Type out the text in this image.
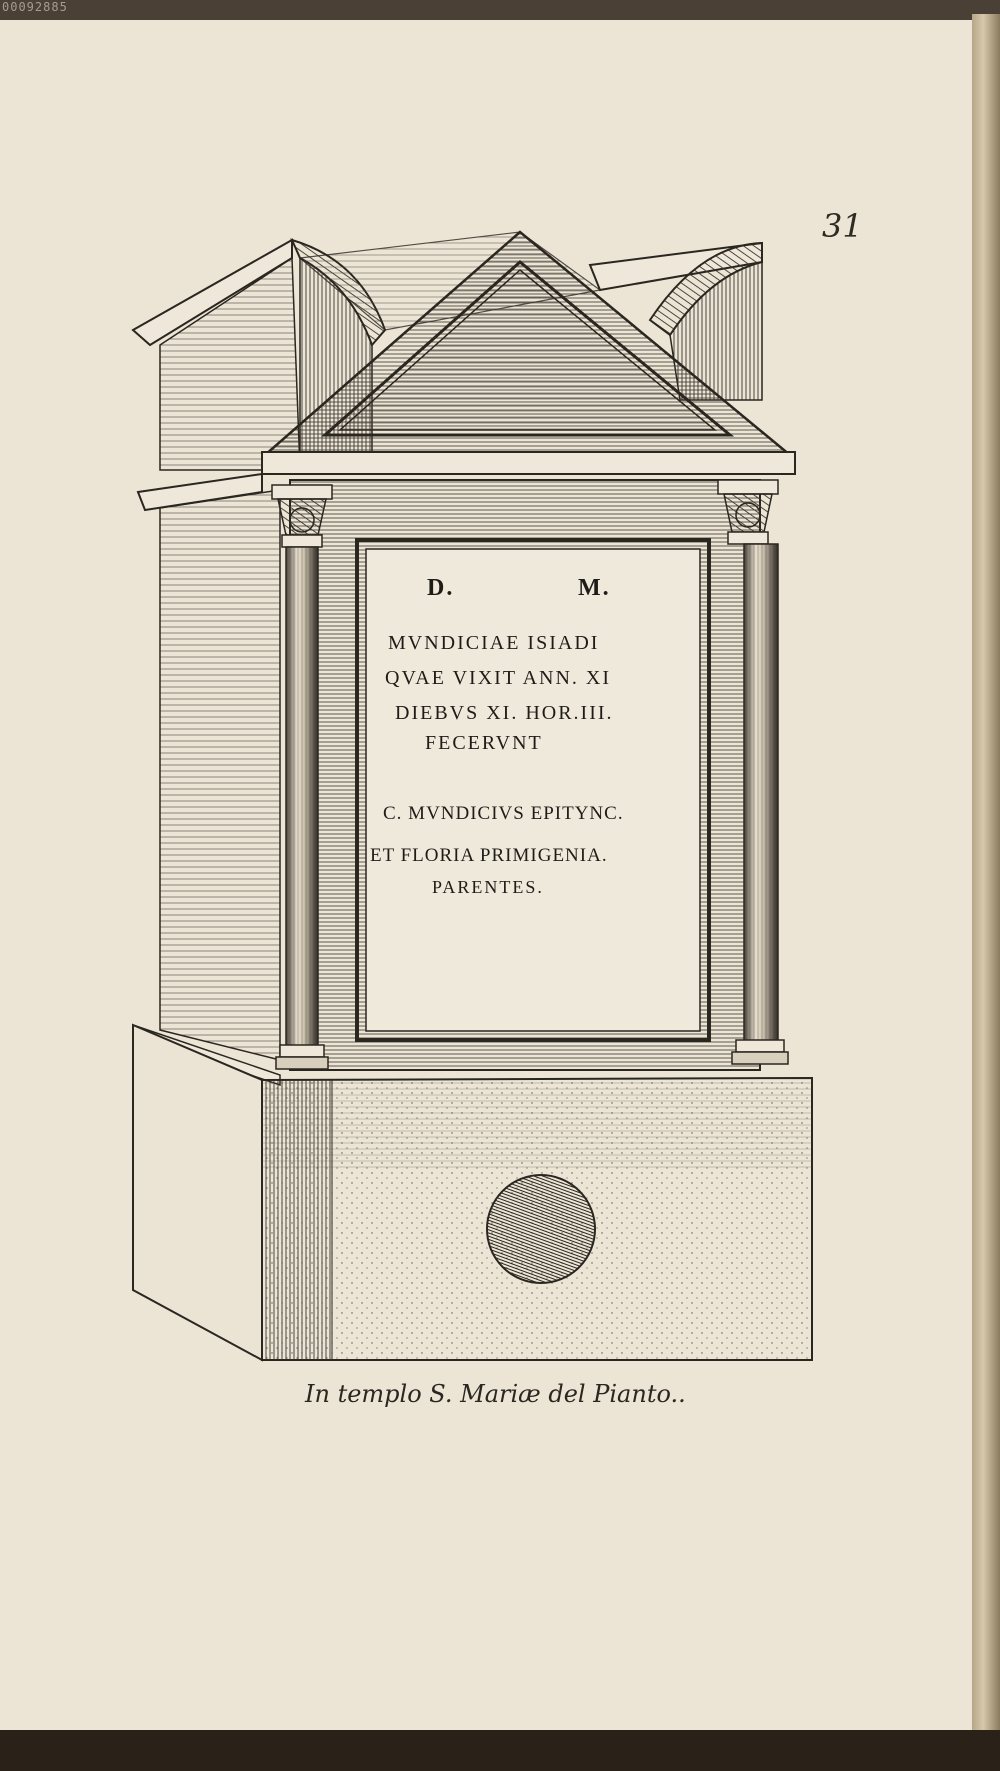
00092885
31
D.	M.
MVNDICIAE ISIADI
QVAE VIXIT ANN. XI
DIEBVS XI. HOR.III.
FECERVNT
C. MVNDICIVS EPITYNC.
ET FLORIA PRIMIGENIA.
PARENTES.
In templo S. Mariæ del Pianto..
